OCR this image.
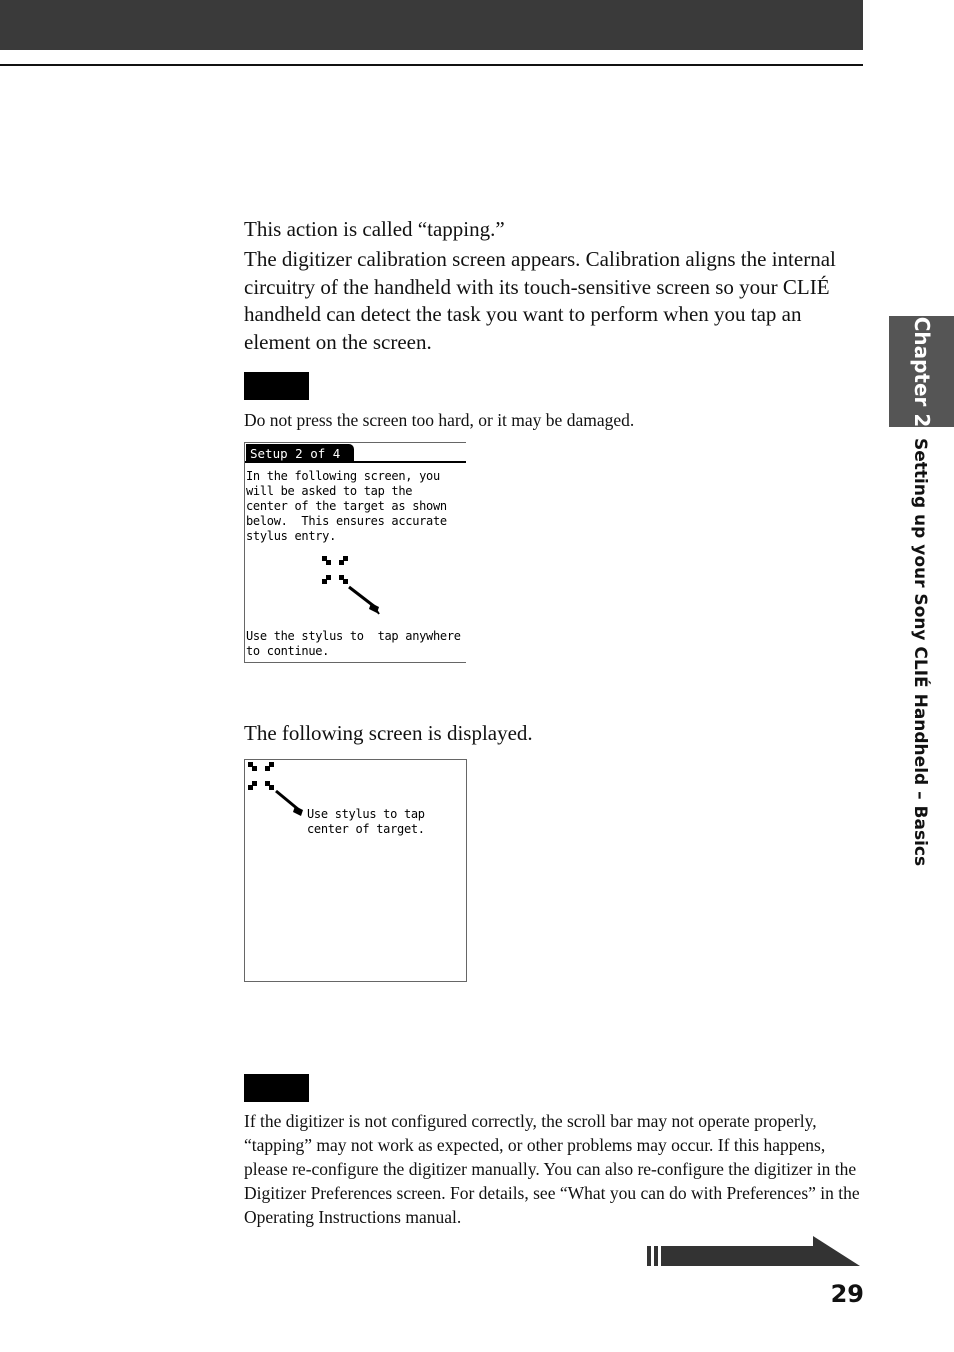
This action is called “tapping.”
The digitizer calibration screen appears. Calibration aligns the internal circuitry of the handheld with its touch-sensitive screen so your CLIÉ handheld can detect the task you want to perform when you tap an element on the screen.
Do not press the screen too hard, or it may be damaged.
Setup 2 of 4
In the following screen, you
will be asked to tap the
center of the target as shown
below.  This ensures accurate
stylus entry.
Use the stylus to  tap anywhere
to continue.
The following screen is displayed.
Use stylus to tap
center of target.
If the digitizer is not configured correctly, the scroll bar may not operate properly, “tapping” may not work as expected, or other problems may occur. If this happens, please re-configure the digitizer manually. You can also re-configure the digitizer in the Digitizer Preferences screen. For details, see “What you can do with Preferences” in the Operating Instructions manual.
Chapter 2
Setting up your Sony CLIÉ Handheld – Basics
29
